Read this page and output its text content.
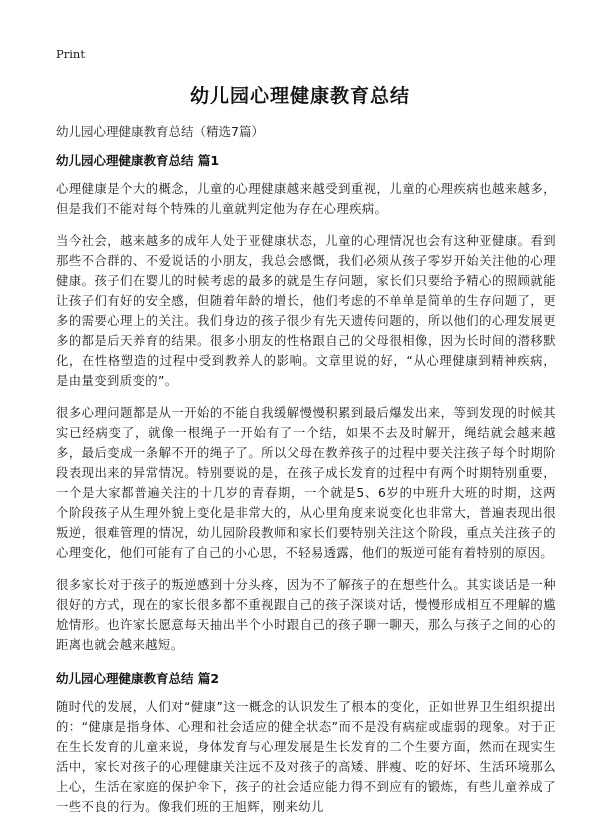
Print
幼儿园心理健康教育总结
幼儿园心理健康教育总结（精选7篇）
幼儿园心理健康教育总结 篇1

心理健康是个大的概念，儿童的心理健康越来越受到重视，儿童的心理疾病也越来越多，但是我们不能对每个特殊的儿童就判定他为存在心理疾病。

当今社会，越来越多的成年人处于亚健康状态，儿童的心理情况也会有这种亚健康。看到那些不合群的、不爱说话的小朋友，我总会感慨，我们必须从孩子零岁开始关注他的心理健康。孩子们在婴儿的时候考虑的最多的就是生存问题，家长们只要给予精心的照顾就能让孩子们有好的安全感，但随着年龄的增长，他们考虑的不单单是简单的生存问题了，更多的需要心理上的关注。我们身边的孩子很少有先天遗传问题的，所以他们的心理发展更多的都是后天养育的结果。很多小朋友的性格跟自己的父母很相像，因为长时间的潜移默化，在性格塑造的过程中受到教养人的影响。文章里说的好，“从心理健康到精神疾病，是由量变到质变的”。

很多心理问题都是从一开始的不能自我缓解慢慢积累到最后爆发出来，等到发现的时候其实已经病变了，就像一根绳子一开始有了一个结，如果不去及时解开，绳结就会越来越多，最后变成一条解不开的绳子了。所以父母在教养孩子的过程中要关注孩子每个时期阶段表现出来的异常情况。特别要说的是，在孩子成长发育的过程中有两个时期特别重要，一个是大家都普遍关注的十几岁的青春期，一个就是5、6岁的中班升大班的时期，这两个阶段孩子从生理外貌上变化是非常大的，从心里角度来说变化也非常大，普遍表现出很叛逆，很难管理的情况，幼儿园阶段教师和家长们要特别关注这个阶段，重点关注孩子的心理变化，他们可能有了自己的小心思，不轻易透露，他们的叛逆可能有着特别的原因。

很多家长对于孩子的叛逆感到十分头疼，因为不了解孩子的在想些什么。其实谈话是一种很好的方式，现在的家长很多都不重视跟自己的孩子深谈对话，慢慢形成相互不理解的尴尬情形。也许家长愿意每天抽出半个小时跟自己的孩子聊一聊天，那么与孩子之间的心的距离也就会越来越短。

幼儿园心理健康教育总结 篇2

随时代的发展，人们对“健康”这一概念的认识发生了根本的变化，正如世界卫生组织提出的：“健康是指身体、心理和社会适应的健全状态”而不是没有病症或虚弱的现象。对于正在生长发育的儿童来说，身体发育与心理发展是生长发育的二个生要方面，然而在现实生活中，家长对孩子的心理健康关注远不及对孩子的高矮、胖瘦、吃的好坏、生活环境那么上心，生活在家庭的保护伞下，孩子的社会适应能力得不到应有的锻炼，有些儿童养成了一些不良的行为。像我们班的王旭辉，刚来幼儿
